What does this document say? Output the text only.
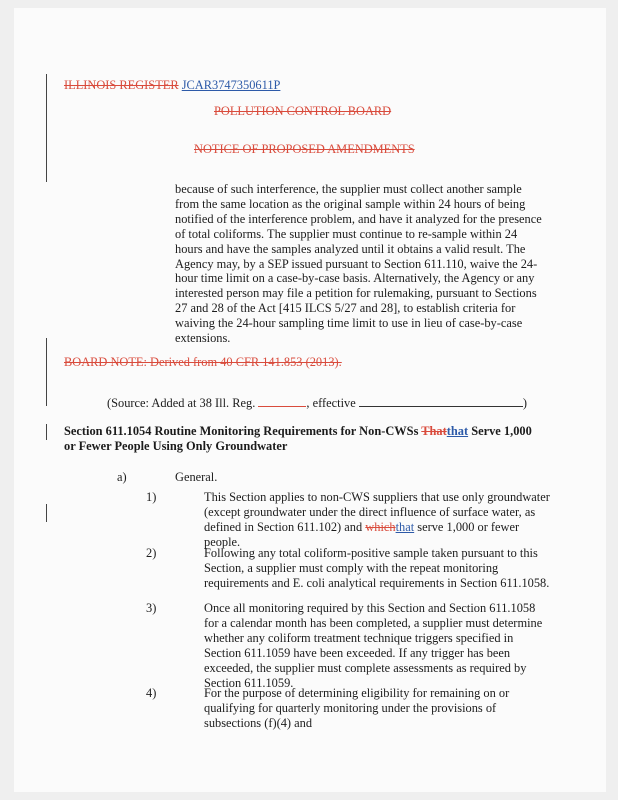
ILLINOIS REGISTER JCAR3747350611P
POLLUTION CONTROL BOARD
NOTICE OF PROPOSED AMENDMENTS
because of such interference, the supplier must collect another sample from the same location as the original sample within 24 hours of being notified of the interference problem, and have it analyzed for the presence of total coliforms. The supplier must continue to re-sample within 24 hours and have the samples analyzed until it obtains a valid result. The Agency may, by a SEP issued pursuant to Section 611.110, waive the 24-hour time limit on a case-by-case basis. Alternatively, the Agency or any interested person may file a petition for rulemaking, pursuant to Sections 27 and 28 of the Act [415 ILCS 5/27 and 28], to establish criteria for waiving the 24-hour sampling time limit to use in lieu of case-by-case extensions.
BOARD NOTE: Derived from 40 CFR 141.853 (2013).
(Source: Added at 38 Ill. Reg.	, effective	)
Section 611.1054 Routine Monitoring Requirements for Non-CWSs Thatthat Serve 1,000
or Fewer People Using Only Groundwater
a)	General.
1)	This Section applies to non-CWS suppliers that use only groundwater (except groundwater under the direct influence of surface water, as defined in Section 611.102) and whichthat serve 1,000 or fewer people.
2)	Following any total coliform-positive sample taken pursuant to this Section, a supplier must comply with the repeat monitoring requirements and E. coli analytical requirements in Section 611.1058.
3)	Once all monitoring required by this Section and Section 611.1058 for a calendar month has been completed, a supplier must determine whether any coliform treatment technique triggers specified in Section 611.1059 have been exceeded. If any trigger has been exceeded, the supplier must complete assessments as required by Section 611.1059.
4)	For the purpose of determining eligibility for remaining on or qualifying for quarterly monitoring under the provisions of subsections (f)(4) and
